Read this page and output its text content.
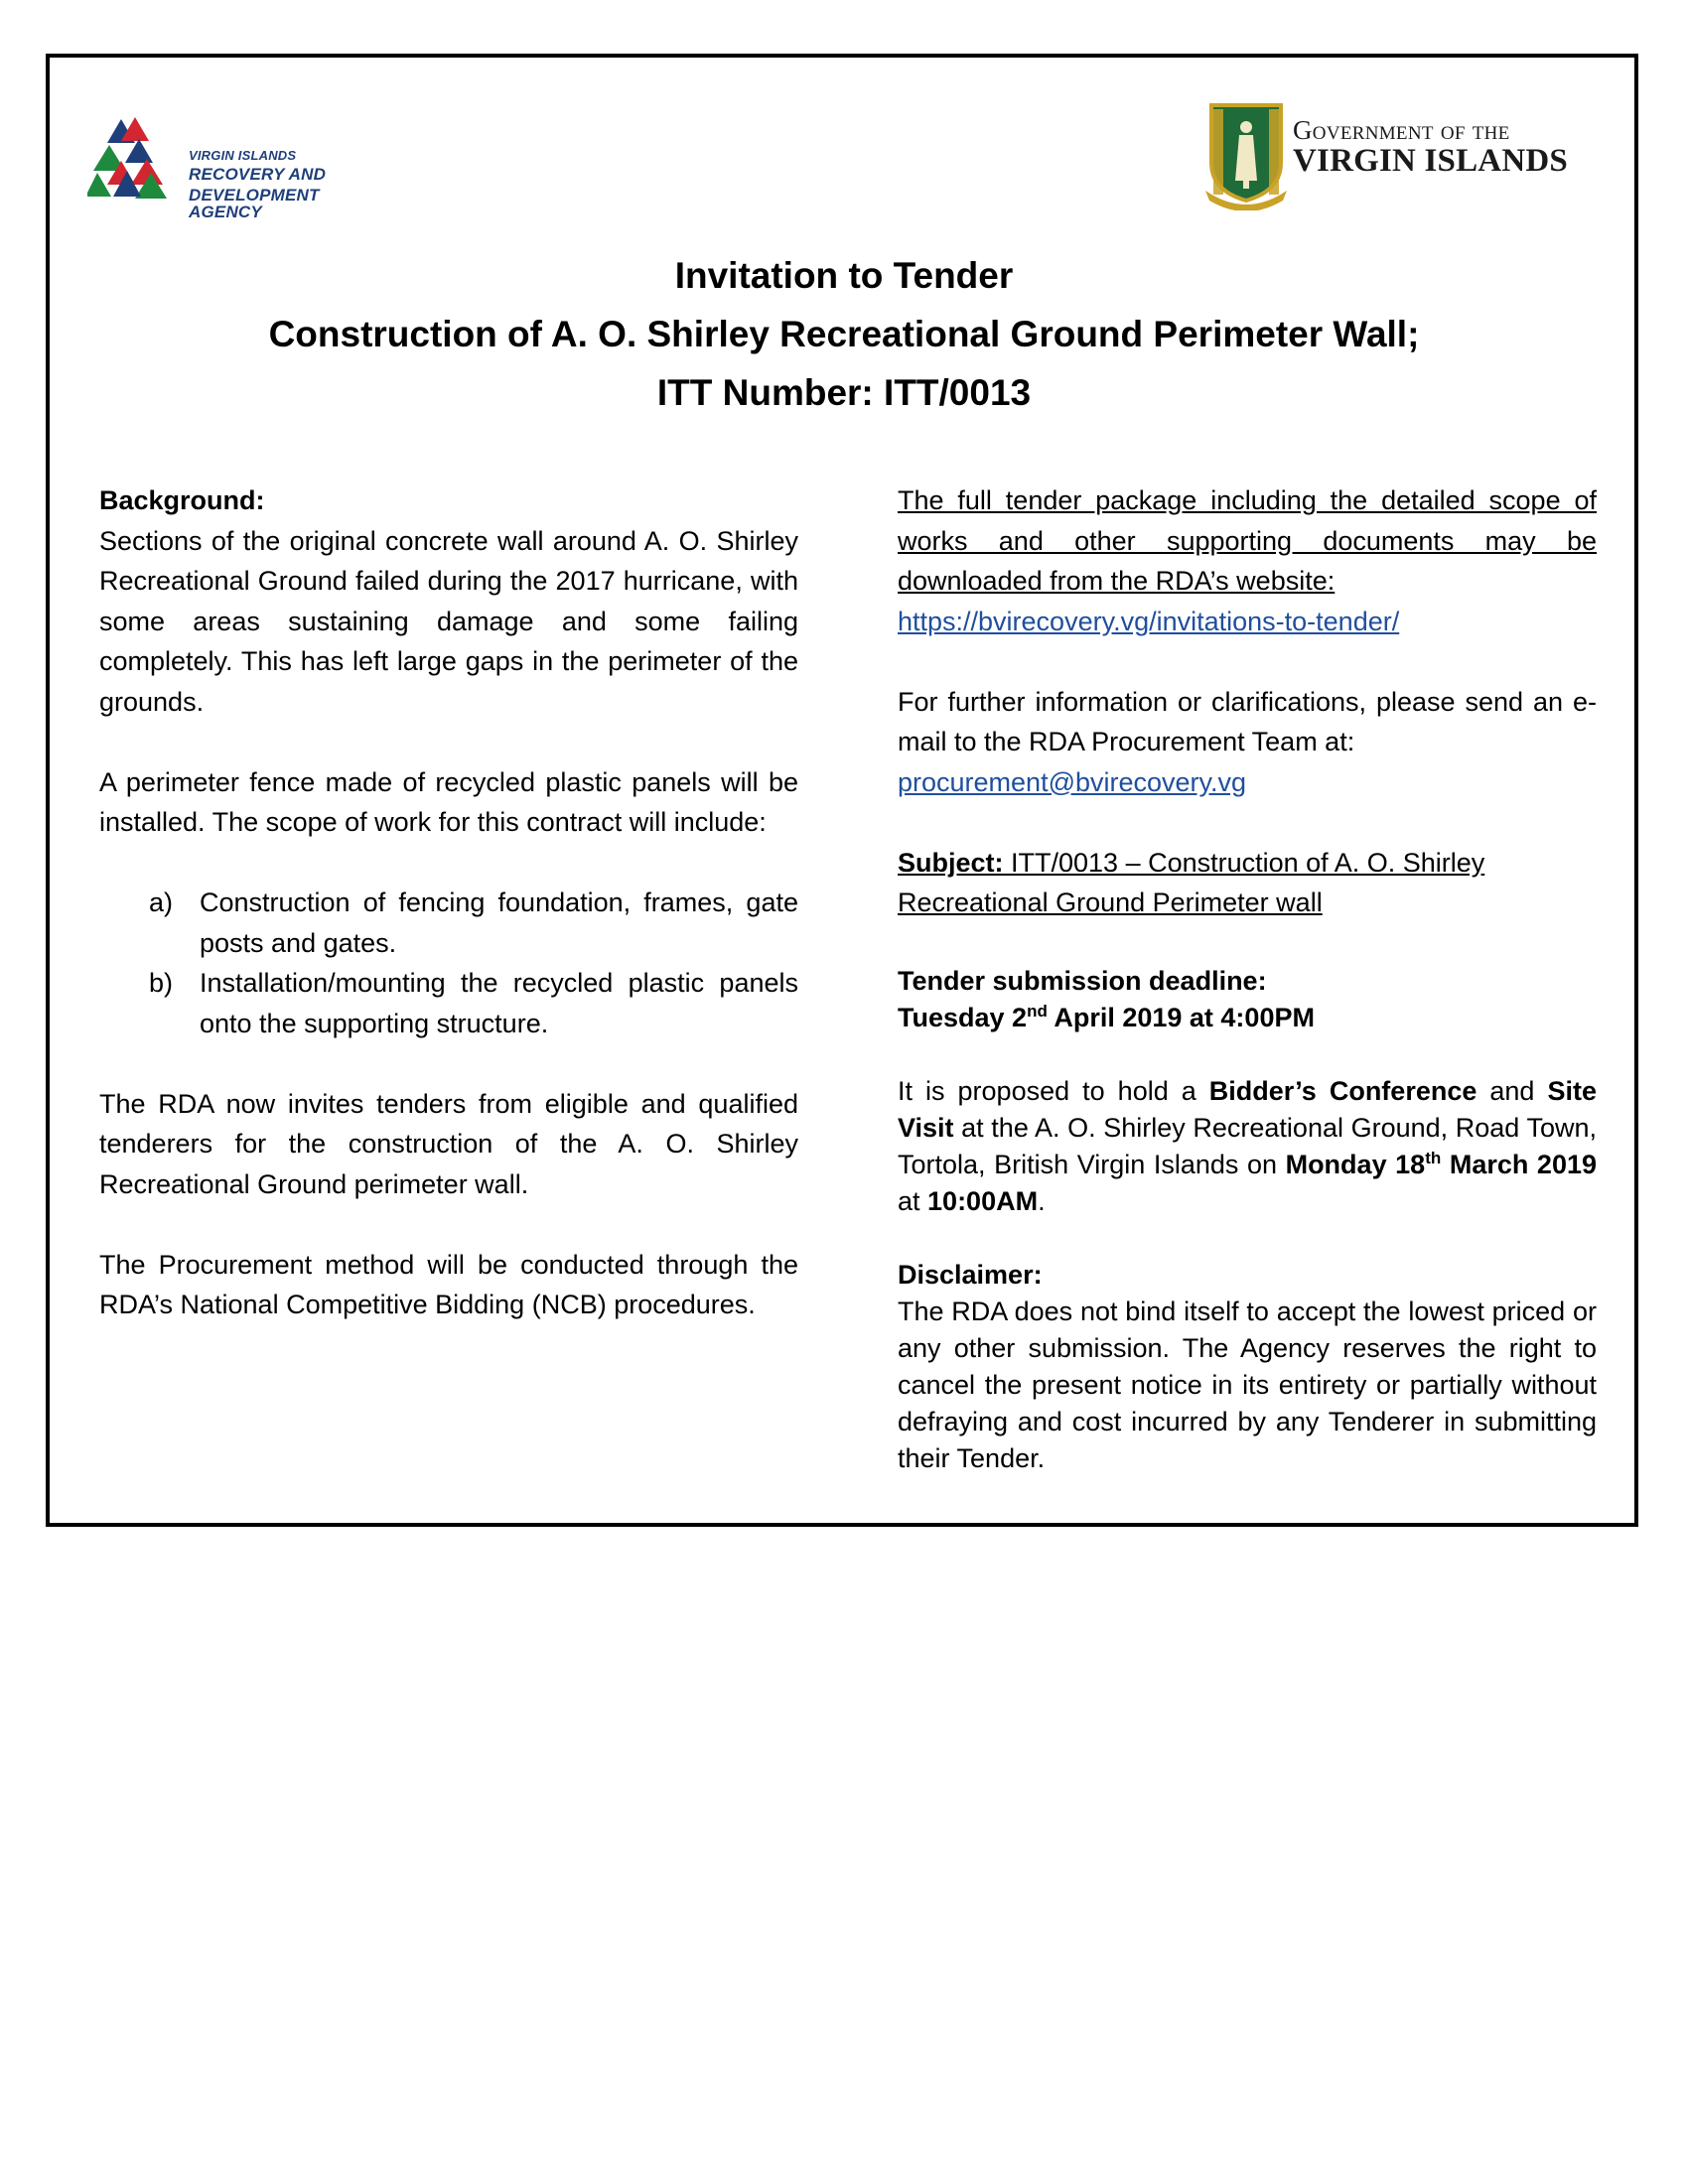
VIRGIN ISLANDS
RECOVERY AND
DEVELOPMENT AGENCY
Government of the
VIRGIN ISLANDS
Invitation to Tender
Construction of A. O. Shirley Recreational Ground Perimeter Wall;
ITT Number: ITT/0013
Background:

Sections of the original concrete wall around A. O. Shirley Recreational Ground failed during the 2017 hurricane, with some areas sustaining damage and some failing completely. This has left large gaps in the perimeter of the grounds.

A perimeter fence made of recycled plastic panels will be installed. The scope of work for this contract will include:

a) Construction of fencing foundation, frames, gate posts and gates.
b) Installation/mounting the recycled plastic panels onto the supporting structure.

The RDA now invites tenders from eligible and qualified tenderers for the construction of the A. O. Shirley Recreational Ground perimeter wall.

The Procurement method will be conducted through the RDA’s National Competitive Bidding (NCB) procedures.

The full tender package including the detailed scope of works and other supporting documents may be downloaded from the RDA’s website:

https://bvirecovery.vg/invitations-to-tender/

For further information or clarifications, please send an e-mail to the RDA Procurement Team at:

procurement@bvirecovery.vg

Subject: ITT/0013 – Construction of A. O. Shirley Recreational Ground Perimeter wall

Tender submission deadline:
Tuesday 2nd April 2019 at 4:00PM

It is proposed to hold a Bidder’s Conference and Site Visit at the A. O. Shirley Recreational Ground, Road Town, Tortola, British Virgin Islands on Monday 18th March 2019 at 10:00AM.

Disclaimer:

The RDA does not bind itself to accept the lowest priced or any other submission. The Agency reserves the right to cancel the present notice in its entirety or partially without defraying and cost incurred by any Tenderer in submitting their Tender.
